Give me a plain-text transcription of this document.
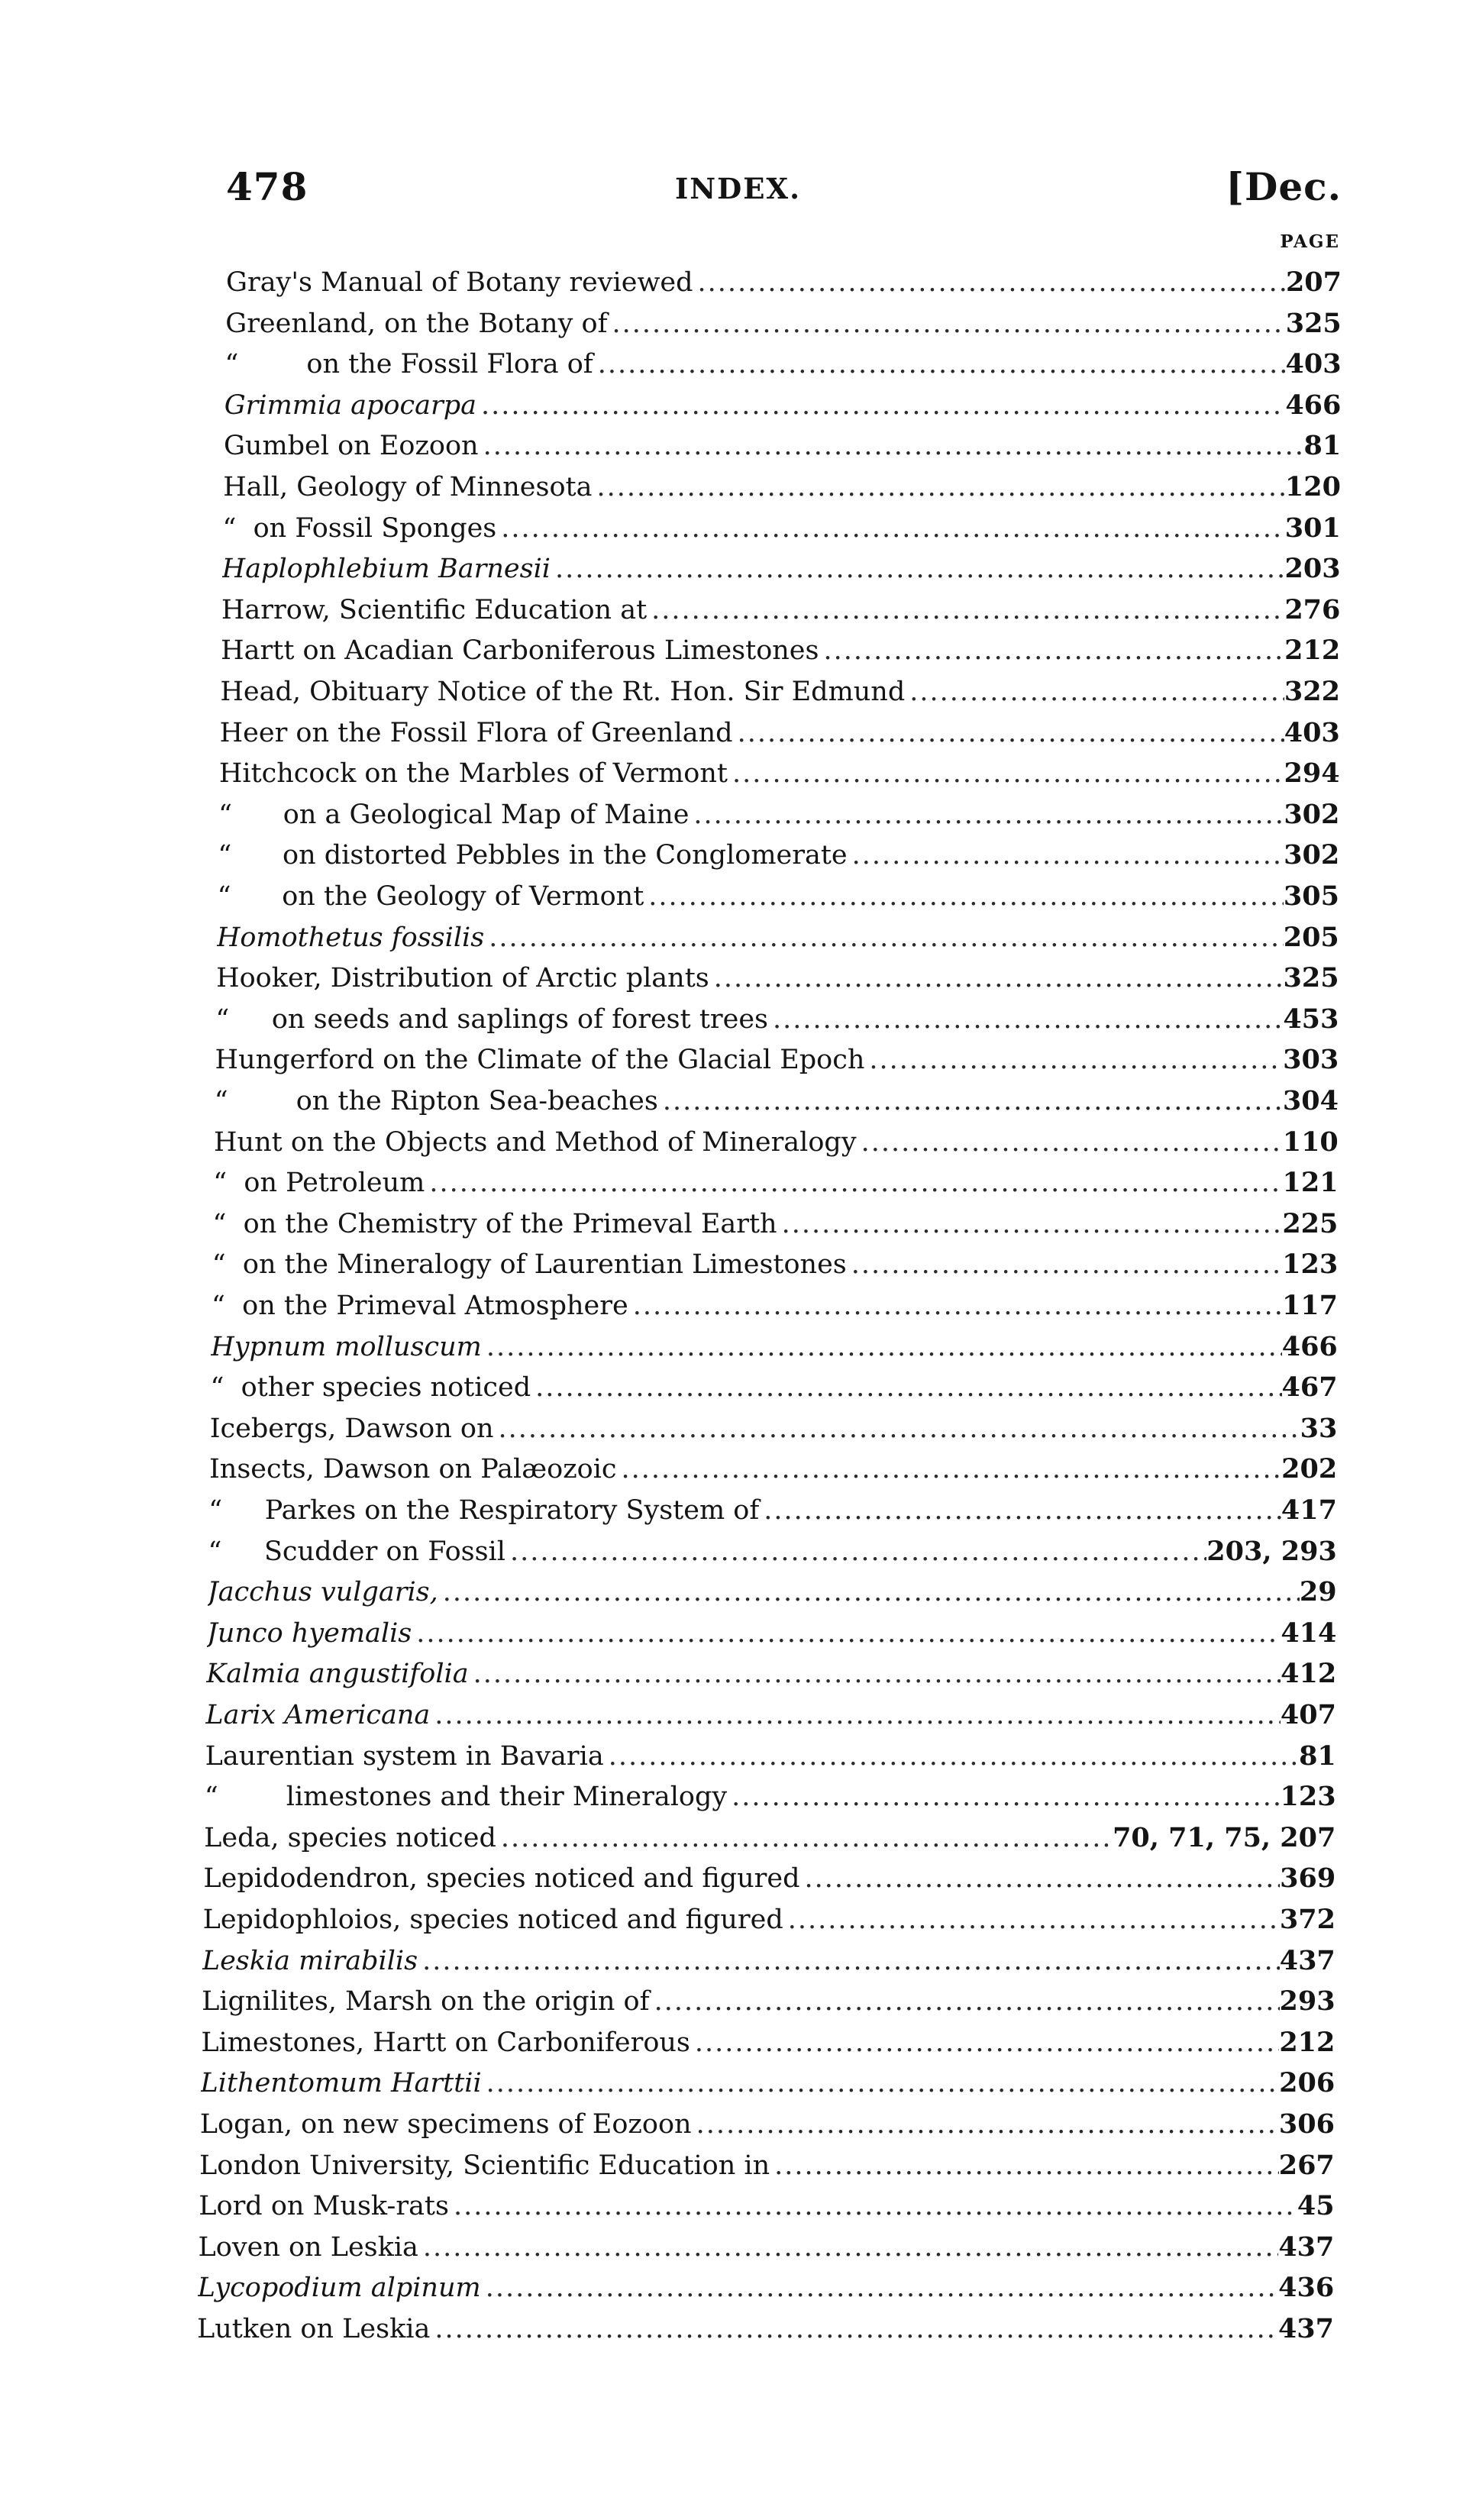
478	INDEX.	[Dec.
PAGE
Gray's Manual of Botany reviewed .....	207
Greenland, on the Botany of .....	325
“        on the Fossil Flora of .....	403
Grimmia apocarpa .....	466
Gumbel on Eozoon .....	81
Hall, Geology of Minnesota .....	120
“  on Fossil Sponges .....	301
Haplophlebium Barnesii .....	203
Harrow, Scientific Education at .....	276
Hartt on Acadian Carboniferous Limestones .....	212
Head, Obituary Notice of the Rt. Hon. Sir Edmund .....	322
Heer on the Fossil Flora of Greenland .....	403
Hitchcock on the Marbles of Vermont .....	294
“      on a Geological Map of Maine .....	302
“      on distorted Pebbles in the Conglomerate .....	302
“      on the Geology of Vermont .....	305
Homothetus fossilis .....	205
Hooker, Distribution of Arctic plants .....	325
“     on seeds and saplings of forest trees .....	453
Hungerford on the Climate of the Glacial Epoch .....	303
“        on the Ripton Sea-beaches .....	304
Hunt on the Objects and Method of Mineralogy .....	110
“  on Petroleum .....	121
“  on the Chemistry of the Primeval Earth .....	225
“  on the Mineralogy of Laurentian Limestones .....	123
“  on the Primeval Atmosphere .....	117
Hypnum molluscum .....	466
“  other species noticed .....	467
Icebergs, Dawson on .....	33
Insects, Dawson on Palæozoic .....	202
“     Parkes on the Respiratory System of .....	417
“     Scudder on Fossil .....	203, 293
Jacchus vulgaris, .....	29
Junco hyemalis .....	414
Kalmia angustifolia .....	412
Larix Americana .....	407
Laurentian system in Bavaria .....	81
“        limestones and their Mineralogy .....	123
Leda, species noticed .....	70, 71, 75, 207
Lepidodendron, species noticed and figured .....	369
Lepidophloios, species noticed and figured .....	372
Leskia mirabilis .....	437
Lignilites, Marsh on the origin of .....	293
Limestones, Hartt on Carboniferous .....	212
Lithentomum Harttii .....	206
Logan, on new specimens of Eozoon .....	306
London University, Scientific Education in .....	267
Lord on Musk-rats .....	45
Loven on Leskia .....	437
Lycopodium alpinum .....	436
Lutken on Leskia .....	437
